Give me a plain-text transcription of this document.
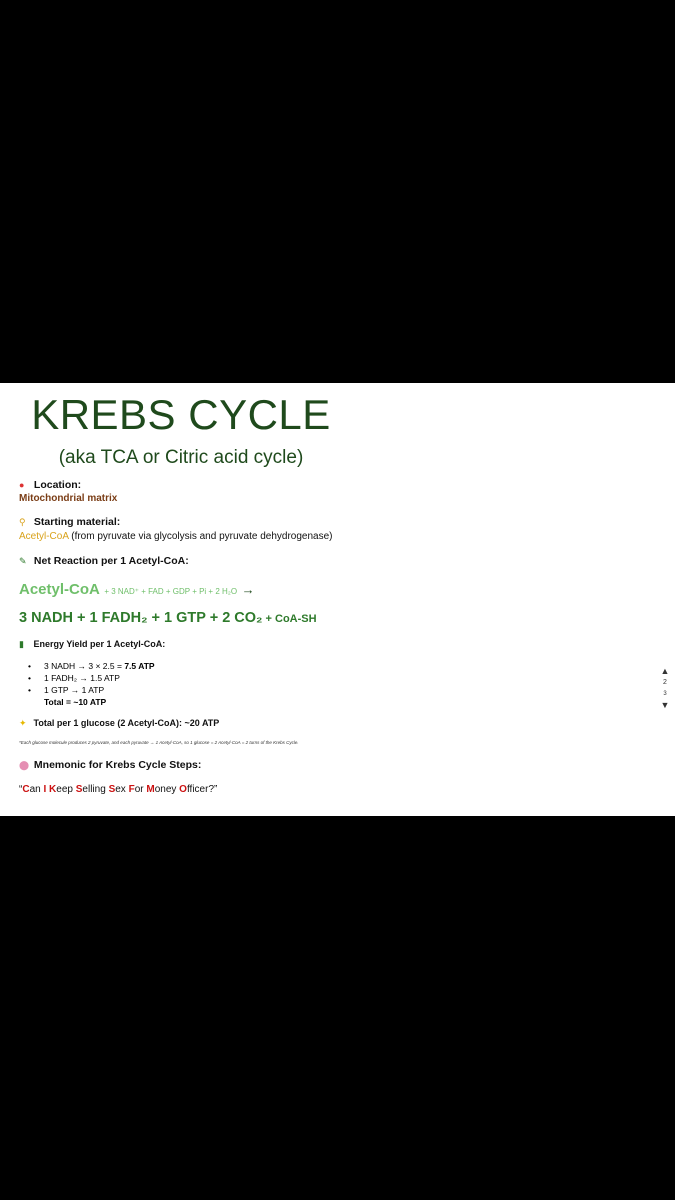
KREBS CYCLE
(aka TCA or Citric acid cycle)
● Location:
Mitochondrial matrix
⚲ Starting material:
Acetyl-CoA (from pyruvate via glycolysis and pyruvate dehydrogenase)
✎ Net Reaction per 1 Acetyl-CoA:
Acetyl-CoA + 3 NAD⁺ + FAD + GDP + Pi + 2 H₂O →
3 NADH + 1 FADH₂ + 1 GTP + 2 CO₂ + CoA-SH
▮ Energy Yield per 1 Acetyl-CoA:
• 3 NADH → 3 × 2.5 = 7.5 ATP
• 1 FADH₂ → 1.5 ATP
• 1 GTP → 1 ATP
Total = ~10 ATP
✦ Total per 1 glucose (2 Acetyl-CoA): ~20 ATP
*Each glucose molecule produces 2 pyruvate, and each pyruvate → 1 Acetyl-CoA, so 1 glucose = 2 Acetyl-CoA = 2 turns of the Krebs Cycle.
⬤ Mnemonic for Krebs Cycle Steps:
“Can I Keep Selling Sex For Money Officer?”
▲
2
3
▼
